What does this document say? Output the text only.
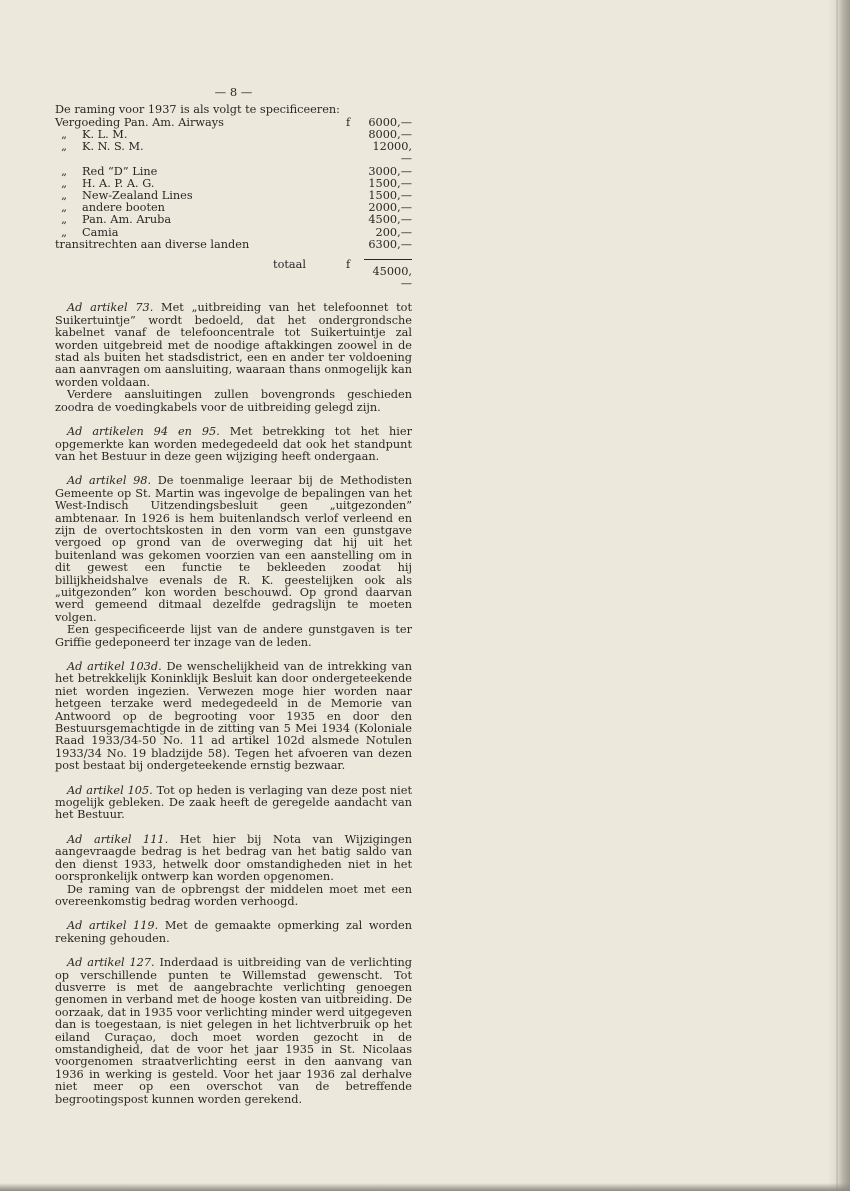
— 8 —
De raming voor 1937 is als volgt te specificeeren:
Vergoeding Pan. Am. Airways		f	6000,—
„	K. L. M.		8000,—
„	K. N. S. M.		12000,—
„	Red “D” Line		3000,—
„	H. A. P. A. G.		1500,—
„	New-Zealand Lines		1500,—
„	andere booten		2000,—
„	Pan. Am. Aruba		4500,—
„	Camia		200,—
transitrechten aan diverse landen			6300,—
totaal		f	45000,—

Ad artikel 73. Met „uitbreiding van het telefoonnet tot Suikertuintje” wordt bedoeld, dat het ondergrondsche kabelnet vanaf de telefooncentrale tot Suikertuintje zal worden uitgebreid met de noodige aftakkingen zoowel in de stad als buiten het stadsdistrict, een en ander ter voldoening aan aanvragen om aansluiting, waaraan thans onmogelijk kan worden voldaan.

Verdere aansluitingen zullen bovengronds geschieden zoodra de voedingkabels voor de uitbreiding gelegd zijn.

Ad artikelen 94 en 95. Met betrekking tot het hier opgemerkte kan worden medegedeeld dat ook het standpunt van het Bestuur in deze geen wijziging heeft ondergaan.

Ad artikel 98. De toenmalige leeraar bij de Methodisten Gemeente op St. Martin was ingevolge de bepalingen van het West-Indisch Uitzendingsbesluit geen „uitgezonden” ambtenaar. In 1926 is hem buitenlandsch verlof verleend en zijn de overtochtskosten in den vorm van een gunstgave vergoed op grond van de overweging dat hij uit het buitenland was gekomen voorzien van een aanstelling om in dit gewest een functie te bekleeden zoodat hij billijkheidshalve evenals de R. K. geestelijken ook als „uitgezonden” kon worden beschouwd. Op grond daarvan werd gemeend ditmaal dezelfde gedragslijn te moeten volgen.

Een gespecificeerde lijst van de andere gunstgaven is ter Griffie gedeponeerd ter inzage van de leden.

Ad artikel 103d. De wenschelijkheid van de intrekking van het betrekkelijk Koninklijk Besluit kan door ondergeteekende niet worden ingezien. Verwezen moge hier worden naar hetgeen terzake werd medegedeeld in de Memorie van Antwoord op de begrooting voor 1935 en door den Bestuursgemachtigde in de zitting van 5 Mei 1934 (Koloniale Raad 1933/34-50 No. 11 ad artikel 102d alsmede Notulen 1933/34 No. 19 bladzijde 58). Tegen het afvoeren van dezen post bestaat bij ondergeteekende ernstig bezwaar.

Ad artikel 105. Tot op heden is verlaging van deze post niet mogelijk gebleken. De zaak heeft de geregelde aandacht van het Bestuur.

Ad artikel 111. Het hier bij Nota van Wijzigingen aangevraagde bedrag is het bedrag van het batig saldo van den dienst 1933, hetwelk door omstandigheden niet in het oorspronkelijk ontwerp kan worden opgenomen.

De raming van de opbrengst der middelen moet met een overeenkomstig bedrag worden verhoogd.

Ad artikel 119. Met de gemaakte opmerking zal worden rekening gehouden.

Ad artikel 127. Inderdaad is uitbreiding van de verlichting op verschillende punten te Willemstad gewenscht. Tot dusverre is met de aangebrachte verlichting genoegen genomen in verband met de hooge kosten van uitbreiding. De oorzaak, dat in 1935 voor verlichting minder werd uitgegeven dan is toegestaan, is niet gelegen in het lichtverbruik op het eiland Curaçao, doch moet worden gezocht in de omstandigheid, dat de voor het jaar 1935 in St. Nicolaas voorgenomen straatverlichting eerst in den aanvang van 1936 in werking is gesteld. Voor het jaar 1936 zal derhalve niet meer op een overschot van de betreffende begrootingspost kunnen worden gerekend.
